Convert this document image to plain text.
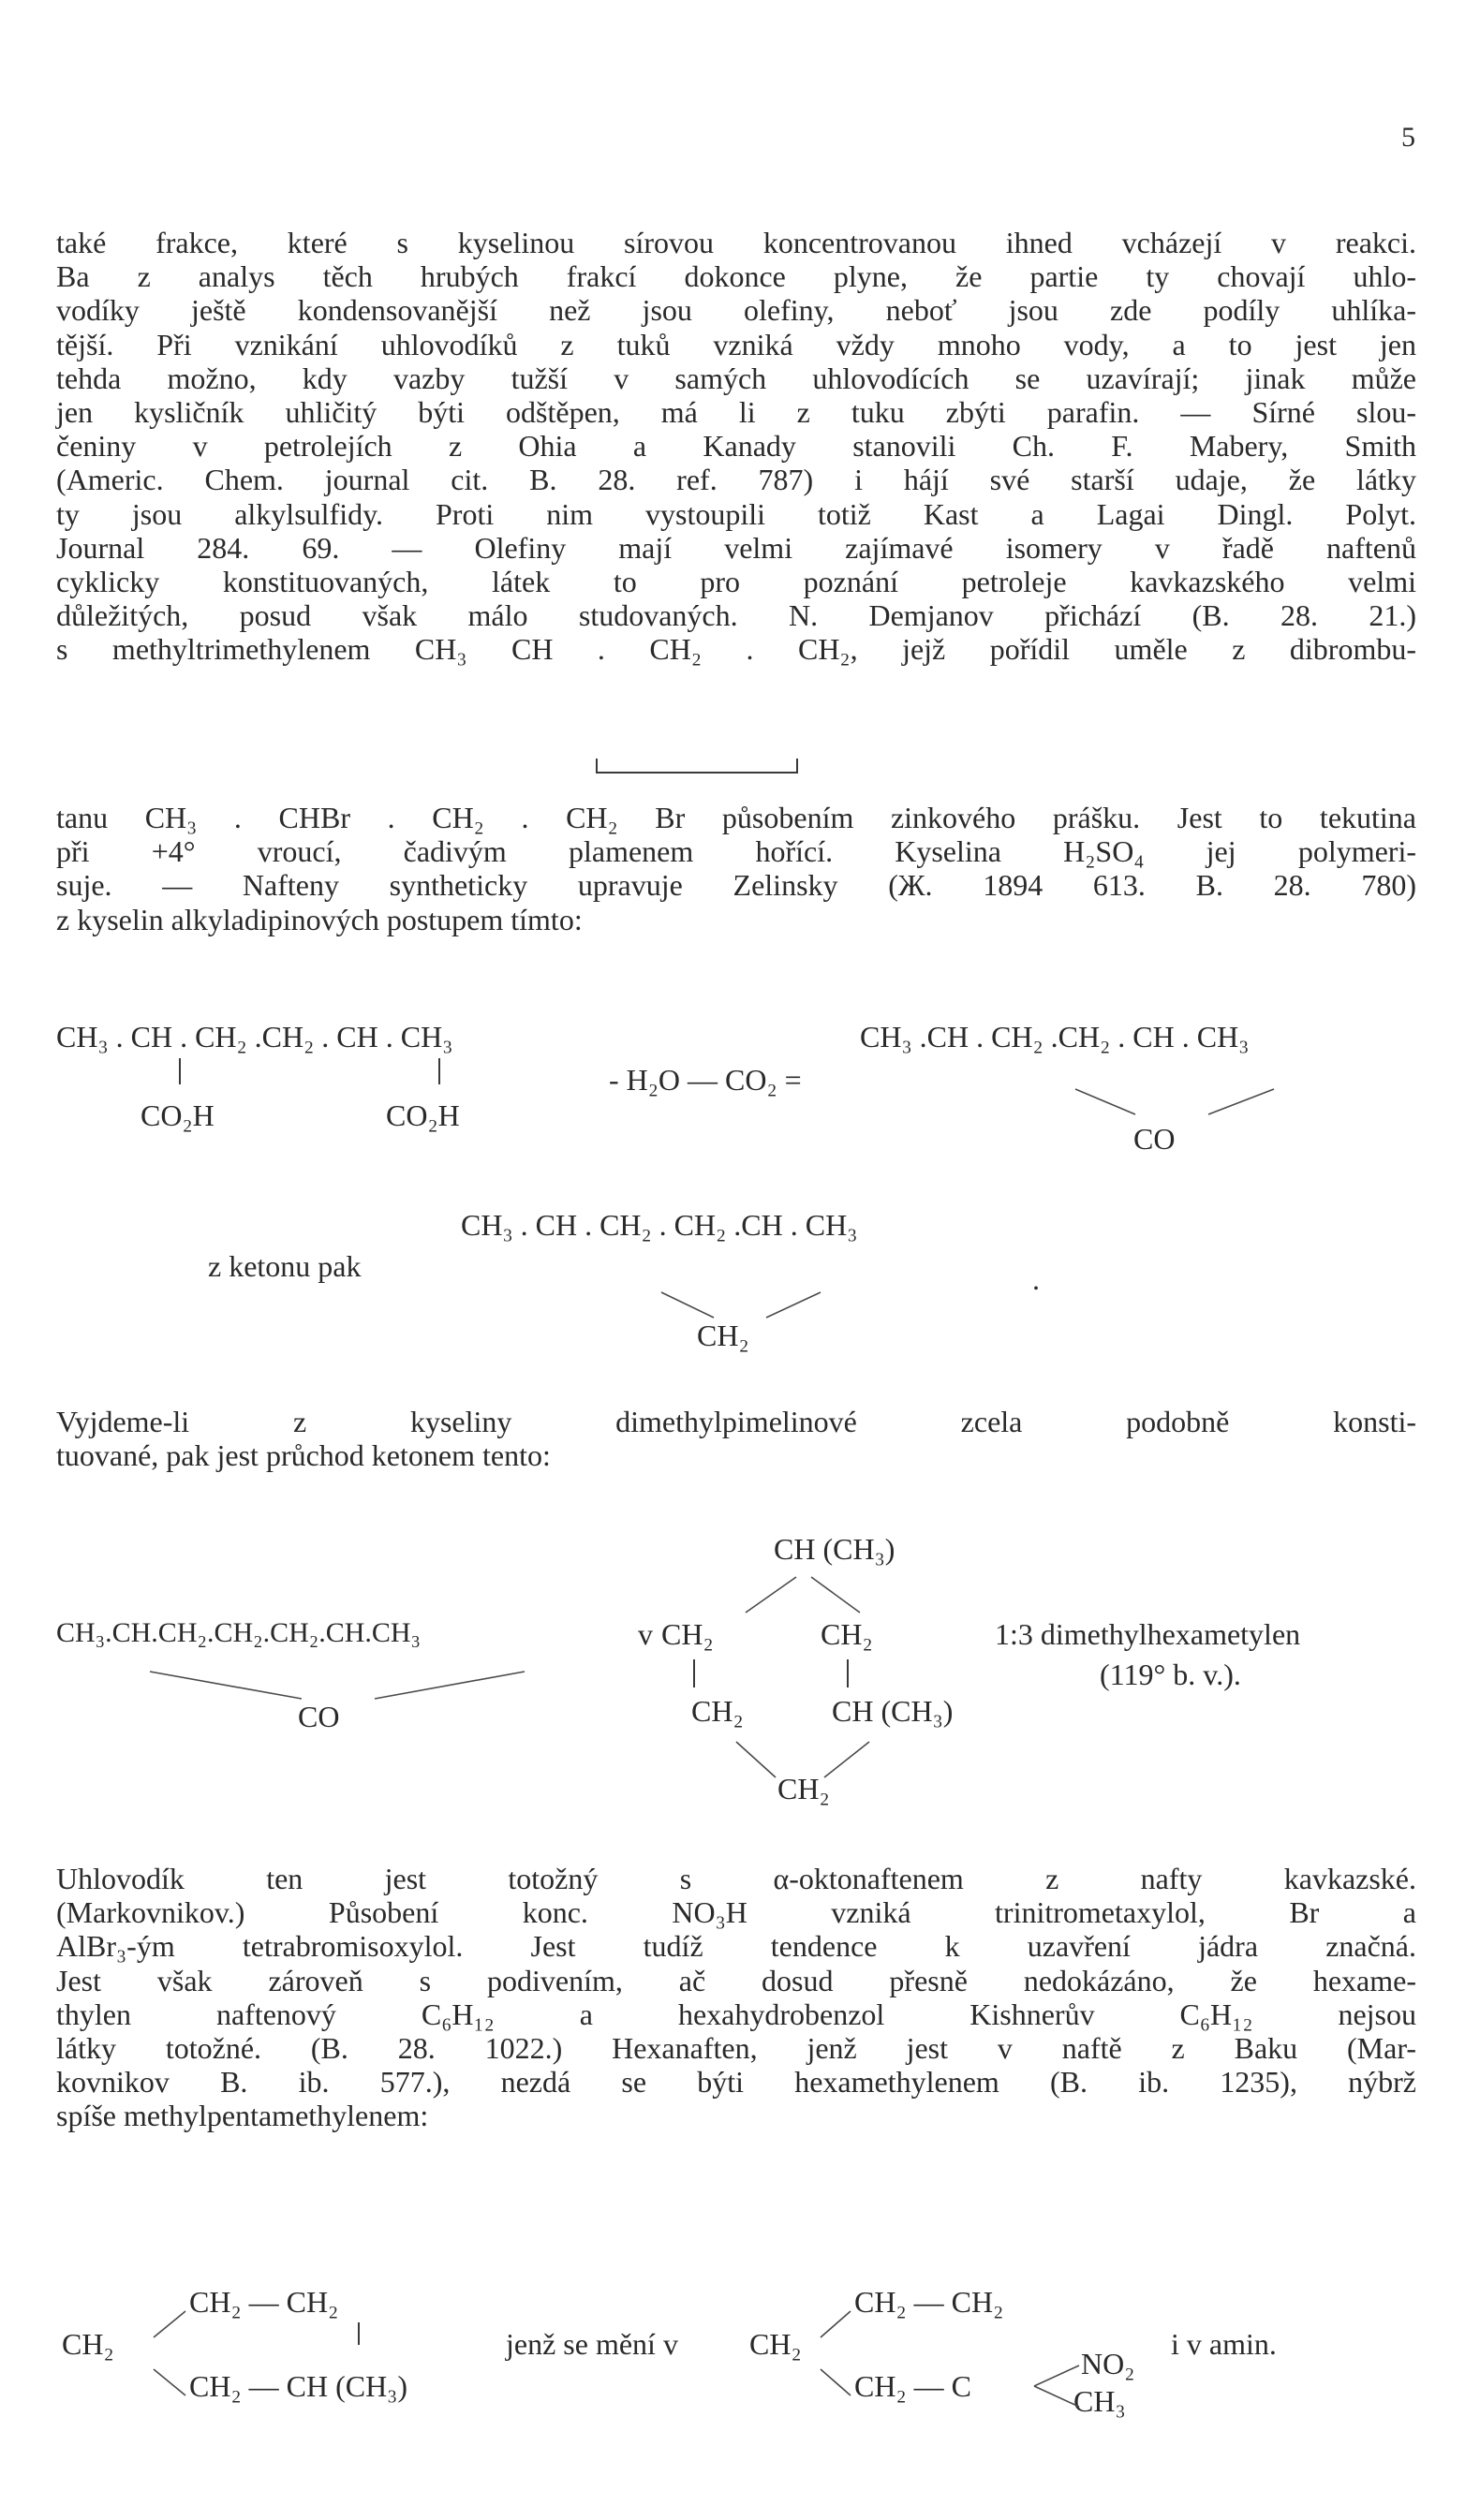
5
také frakce, které s kyselinou sírovou koncentrovanou ihned vcházejí v reakci.
Ba z analys těch hrubých frakcí dokonce plyne, že partie ty chovají uhlo-
vodíky ještě kondensovanější než jsou olefiny, neboť jsou zde podíly uhlíka-
tější. Při vznikání uhlovodíků z tuků vzniká vždy mnoho vody, a to jest jen
tehda možno, kdy vazby tužší v samých uhlovodících se uzavírají; jinak může
jen kysličník uhličitý býti odštěpen, má li z tuku zbýti parafin. — Sírné slou-
čeniny v petrolejích z Ohia a Kanady stanovili Ch. F. Mabery, Smith
(Americ. Chem. journal cit. B. 28. ref. 787) i hájí své starší udaje, že látky
ty jsou alkylsulfidy. Proti nim vystoupili totiž Kast a Lagai Dingl. Polyt.
Journal 284. 69. — Olefiny mají velmi zajímavé isomery v řadě naftenů
cyklicky konstituovaných, látek to pro poznání petroleje kavkazského velmi
důležitých, posud však málo studovaných. N. Demjanov přichází (B. 28. 21.)
s methyltrimethylenem CH₃ CH . CH₂ . CH₂, jejž pořídil uměle z dibrombu-
tanu CH₃ . CHBr . CH₂ . CH₂ Br působením zinkového prášku. Jest to tekutina
při +4° vroucí, čadivým plamenem hořící. Kyselina H₂SO₄ jej polymeri-
suje. — Nafteny syntheticky upravuje Zelinsky (Ж. 1894 613. B. 28. 780)
z kyselin alkyladipinových postupem tímto:
CH₃ . CH . CH₂ .CH₂ . CH . CH₃
CO₂H	CO₂H
- H₂O — CO₂ =
CH₃ .CH . CH₂ .CH₂ . CH . CH₃
CO
z ketonu pak
CH₃ . CH . CH₂ . CH₂ .CH . CH₃
.
CH₂
Vyjdeme-li z kyseliny dimethylpimelinové zcela podobně konsti-
tuované, pak jest průchod ketonem tento:
CH₃.CH.CH₂.CH₂.CH₂.CH.CH₃
CO
v
CH (CH₃)
CH₂	CH₂
CH₂	CH (CH₃)
CH₂
1:3 dimethylhexametylen
(119° b. v.).
Uhlovodík ten jest totožný s α-oktonaftenem z nafty kavkazské.
(Markovnikov.) Působení konc. NO₃H vzniká trinitrometaxylol, Br a
AlBr₃-ým tetrabromisoxylol. Jest tudíž tendence k uzavření jádra značná.
Jest však zároveň s podivením, ač dosud přesně nedokázáno, že hexame-
thylen naftenový C₆H₁₂ a hexahydrobenzol Kishnerův C₆H₁₂ nejsou
látky totožné. (B. 28. 1022.) Hexanaften, jenž jest v naftě z Baku (Mar-
kovnikov B. ib. 577.), nezdá se býti hexamethylenem (B. ib. 1235), nýbrž
spíše methylpentamethylenem:
CH₂
CH₂ — CH₂
CH₂ — CH (CH₃)
jenž se mění v CH₂
CH₂ — CH₂
CH₂ — C
NO₂
CH₃
i v amin.
